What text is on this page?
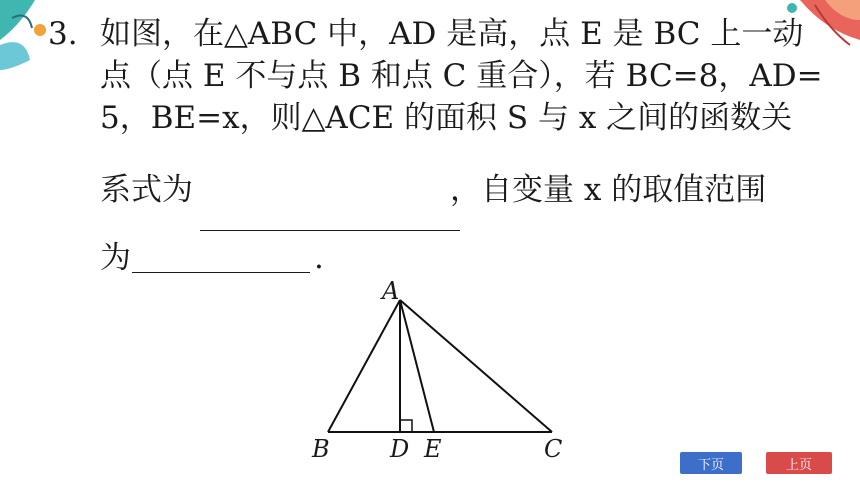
3. 如图，在△ABC 中，AD 是高，点 E 是 BC 上一动
点（点 E 不与点 B 和点 C 重合），若 BC=8，AD=
5，BE=x，则△ACE 的面积 S 与 x 之间的函数关
系式为	，自变量 x 的取值范围
为	.
A
B	D E	C
下页	上页
